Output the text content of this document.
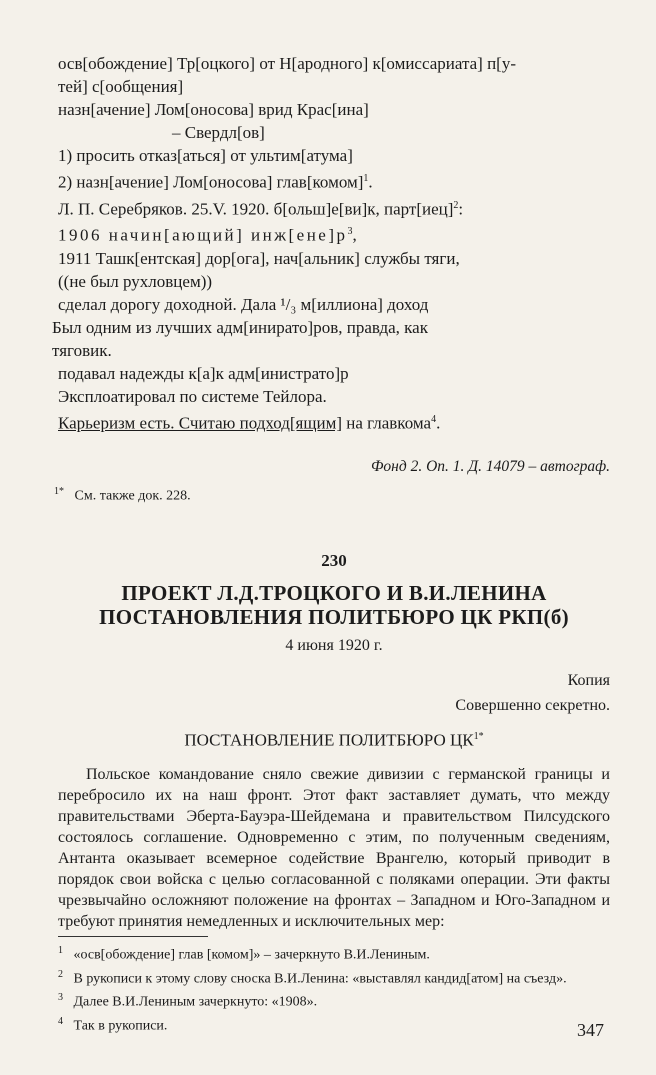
осв[обождение] Тр[оцкого] от Н[ародного] к[омиссариата] п[у-
тей] с[ообщения]
назн[ачение] Лом[оносова] врид Крас[ина]
– Свердл[ов]
1) просить отказ[аться] от ультим[атума]
2) назн[ачение] Лом[оносова] глав[комом]$^1$.
Л. П. Серебряков. 25.V. 1920. б[ольш]е[ви]к, парт[иец]$^2$:
1906 начин[ающий] $инж[ене]р^3$,
1911 Ташк[ентская] дор[ога], нач[альник] службы тяги,
((не был рухловцем))
сделал дорогу доходной. Дала ¹/₃ м[иллиона] доход
Был одним из лучших адм[инирато]ров, правда, как
тяговик.
подавал надежды к[а]к адм[инистрато]р
Эксплоатировал по системе Тейлора.
Карьеризм есть. Считаю подход[ящим] на главкома$^4$.
Фонд 2. Оп. 1. Д. 14079 – автограф.
$^{1*}$ См. также док. 228.
230
ПРОЕКТ Л.Д.ТРОЦКОГО И В.И.ЛЕНИНА
ПОСТАНОВЛЕНИЯ ПОЛИТБЮРО ЦК РКП(б)
4 июня 1920 г.
Копия
Совершенно секретно.
ПОСТАНОВЛЕНИЕ ПОЛИТБЮРО $ЦК^{1*}$
Польское командование сняло свежие дивизии с германской границы и перебросило их на наш фронт. Этот факт заставляет думать, что между правительствами Эберта-Бауэра-Шейдемана и правительством Пилсудского состоялось соглашение. Одновременно с этим, по полученным сведениям, Антанта оказывает всемерное содействие Врангелю, который приводит в порядок свои войска с целью согласованной с поляками операции. Эти факты чрезвычайно осложняют положение на фронтах – Западном и Юго-Западном и требуют принятия немедленных и исключительных мер:
$^1$ «осв[обождение] глав [комом]» – зачеркнуто В.И.Лениным.
$^2$ В рукописи к этому слову сноска В.И.Ленина: «выставлял кандид[атом] на съезд».
$^3$ Далее В.И.Лениным зачеркнуто: «1908».
$^4$ Так в рукописи.	347
